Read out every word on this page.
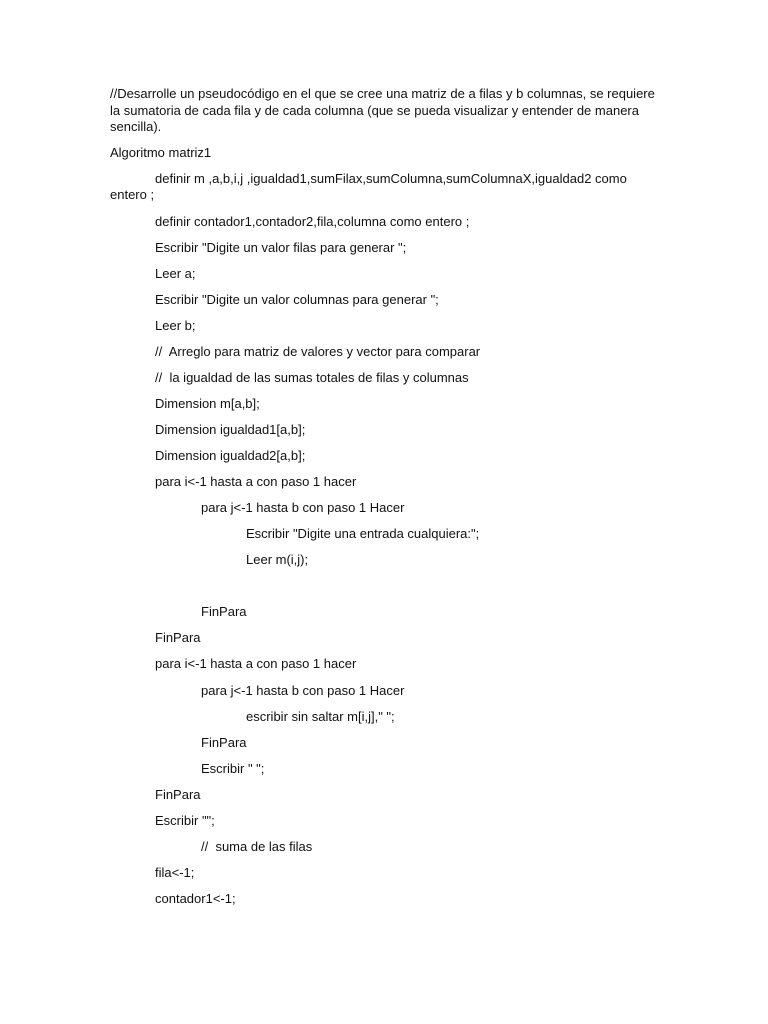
//Desarrolle un pseudocódigo en el que se cree una matriz de a filas y b columnas, se requiere la sumatoria de cada fila y de cada columna (que se pueda visualizar y entender de manera sencilla).

Algoritmo matriz1

definir m ,a,b,i,j ,igualdad1,sumFilax,sumColumna,sumColumnaX,igualdad2 como
entero ;

definir contador1,contador2,fila,columna como entero ;

Escribir "Digite un valor filas para generar ";

Leer a;

Escribir "Digite un valor columnas para generar ";

Leer b;

//  Arreglo para matriz de valores y vector para comparar

//  la igualdad de las sumas totales de filas y columnas

Dimension m[a,b];

Dimension igualdad1[a,b];

Dimension igualdad2[a,b];

para i<-1 hasta a con paso 1 hacer

para j<-1 hasta b con paso 1 Hacer

Escribir "Digite una entrada cualquiera:";

Leer m(i,j);

FinPara

FinPara

para i<-1 hasta a con paso 1 hacer

para j<-1 hasta b con paso 1 Hacer

escribir sin saltar m[i,j]," ";

FinPara

Escribir " ";

FinPara

Escribir "";

//  suma de las filas

fila<-1;

contador1<-1;
